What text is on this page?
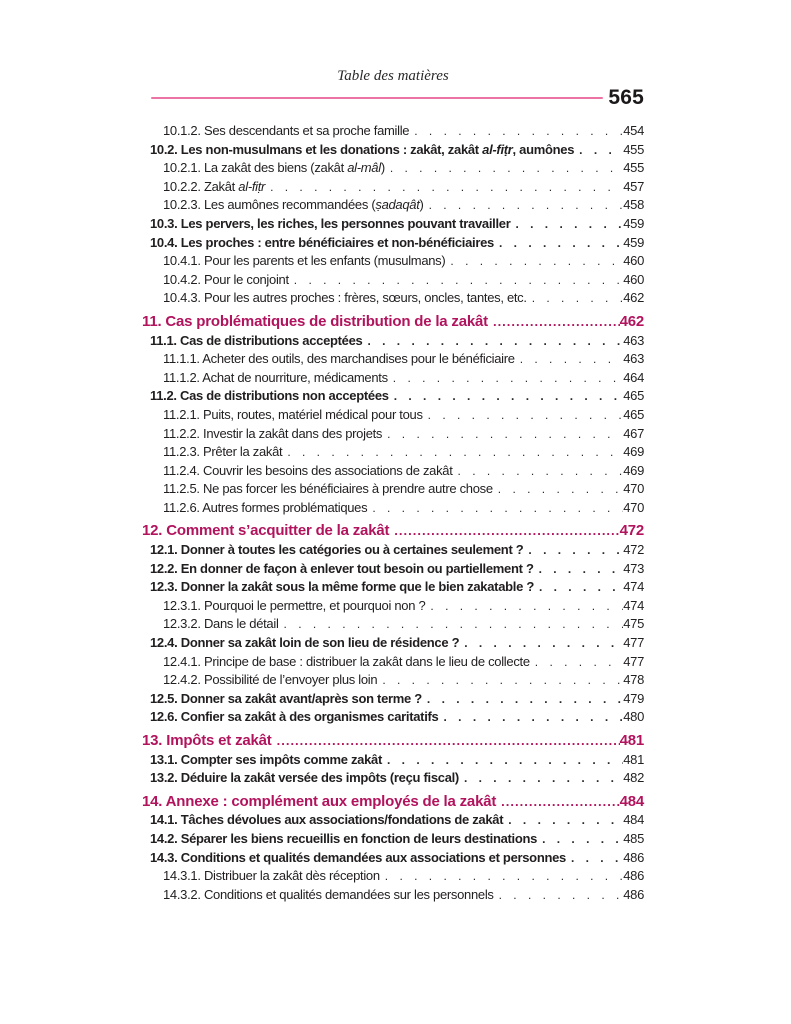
Table des matières
565
10.1.2. Ses descendants et sa proche famille . . .	454
10.2. Les non-musulmans et les donations : zakât, zakât al-fiṭr, aumônes . . .	455
10.2.1. La zakât des biens (zakât al-mâl) . . .	455
10.2.2. Zakât al-fiṭr . . .	457
10.2.3. Les aumônes recommandées (ṣadaqât) . . .	458
10.3. Les pervers, les riches, les personnes pouvant travailler . . .	459
10.4. Les proches : entre bénéficiaires et non-bénéficiaires . . .	459
10.4.1. Pour les parents et les enfants (musulmans) . . .	460
10.4.2. Pour le conjoint . . .	460
10.4.3. Pour les autres proches : frères, sœurs, oncles, tantes, etc. . . .	462
11. Cas problématiques de distribution de la zakât .....	462
11.1. Cas de distributions acceptées . . .	463
11.1.1. Acheter des outils, des marchandises pour le bénéficiaire . . .	463
11.1.2. Achat de nourriture, médicaments . . .	464
11.2. Cas de distributions non acceptées . . .	465
11.2.1. Puits, routes, matériel médical pour tous . . .	465
11.2.2. Investir la zakât dans des projets . . .	467
11.2.3. Prêter la zakât . . .	469
11.2.4. Couvrir les besoins des associations de zakât . . .	469
11.2.5. Ne pas forcer les bénéficiaires à prendre autre chose . . .	470
11.2.6. Autres formes problématiques . . .	470
12. Comment s’acquitter de la zakât .....	472
12.1. Donner à toutes les catégories ou à certaines seulement ? . . .	472
12.2. En donner de façon à enlever tout besoin ou partiellement ? . . .	473
12.3. Donner la zakât sous la même forme que le bien zakatable ? . . .	474
12.3.1. Pourquoi le permettre, et pourquoi non ? . . .	474
12.3.2. Dans le détail . . .	475
12.4. Donner sa zakât loin de son lieu de résidence ? . . .	477
12.4.1. Principe de base : distribuer la zakât dans le lieu de collecte . . .	477
12.4.2. Possibilité de l’envoyer plus loin . . .	478
12.5. Donner sa zakât avant/après son terme ? . . .	479
12.6. Confier sa zakât à des organismes caritatifs . . .	480
13. Impôts et zakât .....	481
13.1. Compter ses impôts comme zakât . . .	481
13.2. Déduire la zakât versée des impôts (reçu fiscal) . . .	482
14. Annexe : complément aux employés de la zakât .....	484
14.1. Tâches dévolues aux associations/fondations de zakât . . .	484
14.2. Séparer les biens recueillis en fonction de leurs destinations . . .	485
14.3. Conditions et qualités demandées aux associations et personnes . . .	486
14.3.1. Distribuer la zakât dès réception . . .	486
14.3.2. Conditions et qualités demandées sur les personnels . . .	486
